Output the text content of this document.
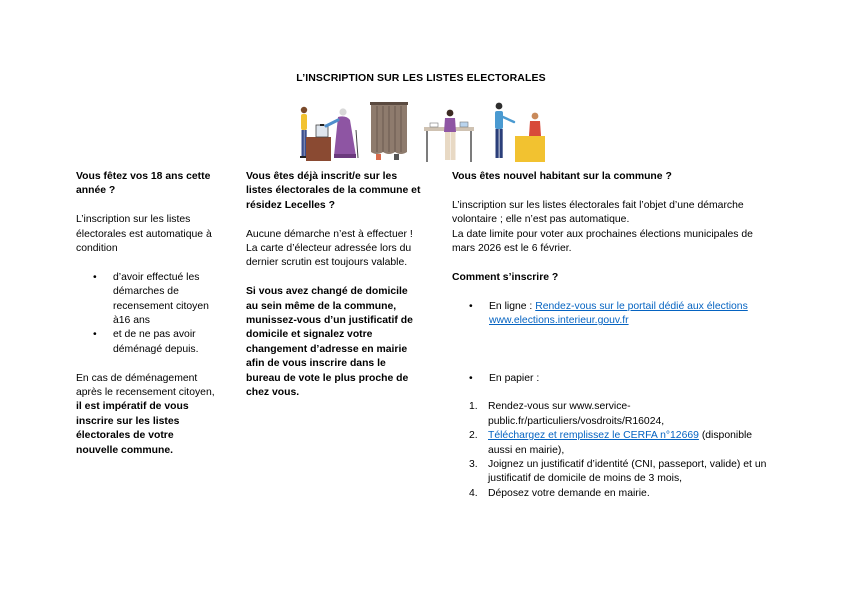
L’INSCRIPTION SUR LES LISTES ELECTORALES

Vous fêtez vos 18 ans cette année ?

L’inscription sur les listes électorales est automatique à condition

• d’avoir effectué les démarches de recensement citoyen à16 ans
• et de ne pas avoir déménagé depuis.

En cas de déménagement après le recensement citoyen, il est impératif de vous inscrire sur les listes électorales de votre nouvelle commune.

Vous êtes déjà inscrit/e sur les listes électorales de la commune et résidez Lecelles ?

Aucune démarche n’est à effectuer ! La carte d’électeur adressée lors du dernier scrutin est toujours valable.

Si vous avez changé de domicile au sein même de la commune, munissez-vous d’un justificatif de domicile et signalez votre changement d’adresse en mairie afin de vous inscrire dans le bureau de vote le plus proche de chez vous.

Vous êtes nouvel habitant sur la commune ?

L’inscription sur les listes électorales fait l’objet d’une démarche volontaire ; elle n’est pas automatique.

La date limite pour voter aux prochaines élections municipales de mars 2026 est le 6 février.

Comment s’inscrire ?

• En ligne : Rendez-vous sur le portail dédié aux élections www.elections.interieur.gouv.fr
• En papier :
1. Rendez-vous sur www.service-public.fr/particuliers/vosdroits/R16024,
2. Téléchargez et remplissez le CERFA n°12669 (disponible aussi en mairie),
3. Joignez un justificatif d’identité (CNI, passeport, valide) et un justificatif de domicile de moins de 3 mois,
4. Déposez votre demande en mairie.
